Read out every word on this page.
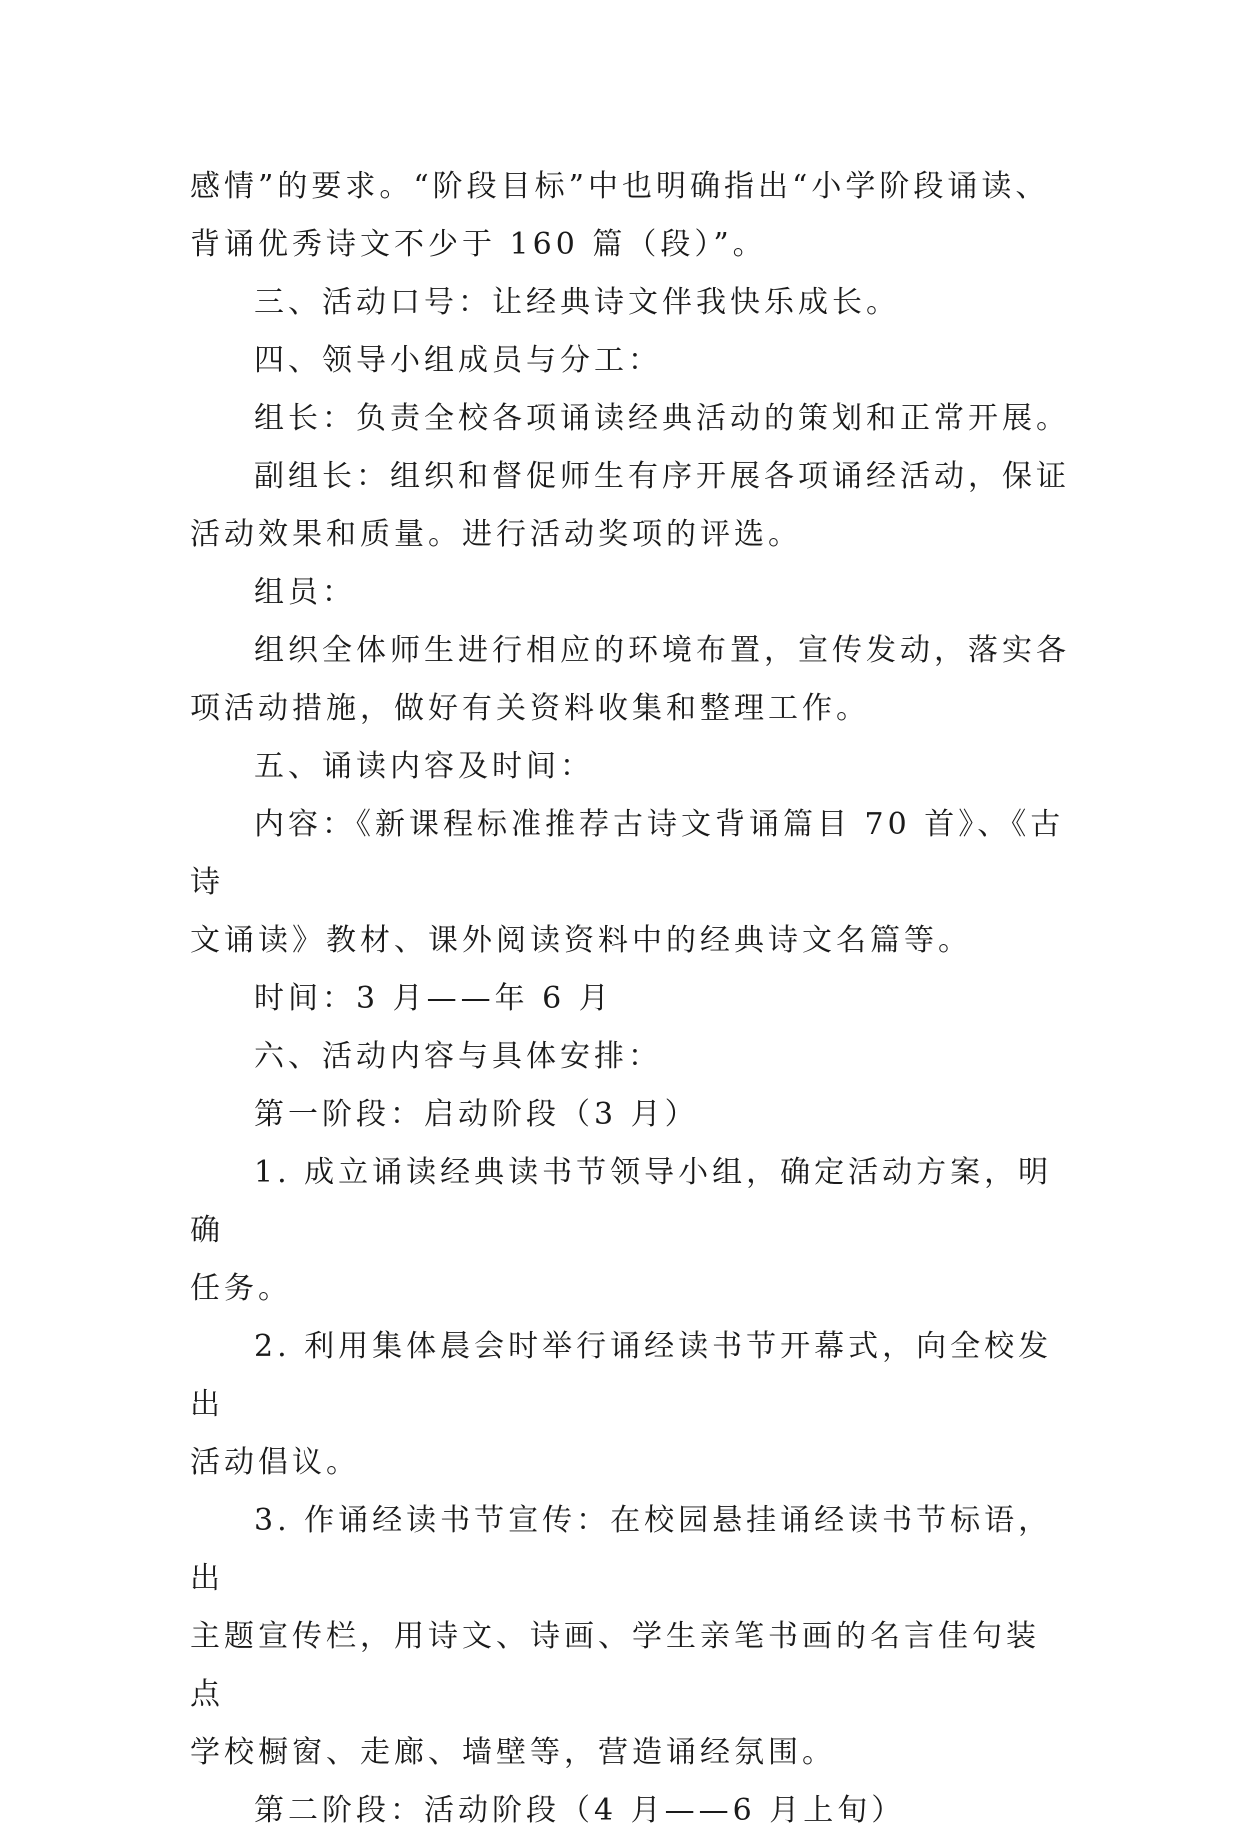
感情”的要求。“阶段目标”中也明确指出“小学阶段诵读、
背诵优秀诗文不少于 160 篇（段）”。

三、活动口号：让经典诗文伴我快乐成长。

四、领导小组成员与分工：

组长：负责全校各项诵读经典活动的策划和正常开展。

副组长：组织和督促师生有序开展各项诵经活动，保证
活动效果和质量。进行活动奖项的评选。

组员：

组织全体师生进行相应的环境布置，宣传发动，落实各
项活动措施，做好有关资料收集和整理工作。

五、诵读内容及时间：

内容：《新课程标准推荐古诗文背诵篇目 70 首》、《古诗
文诵读》教材、课外阅读资料中的经典诗文名篇等。

时间：3 月——年 6 月

六、活动内容与具体安排：

第一阶段：启动阶段（3 月）

1. 成立诵读经典读书节领导小组，确定活动方案，明确
任务。

2. 利用集体晨会时举行诵经读书节开幕式，向全校发出
活动倡议。

3. 作诵经读书节宣传：在校园悬挂诵经读书节标语，出
主题宣传栏，用诗文、诗画、学生亲笔书画的名言佳句装点
学校橱窗、走廊、墙壁等，营造诵经氛围。

第二阶段：活动阶段（4 月——6 月上旬）
